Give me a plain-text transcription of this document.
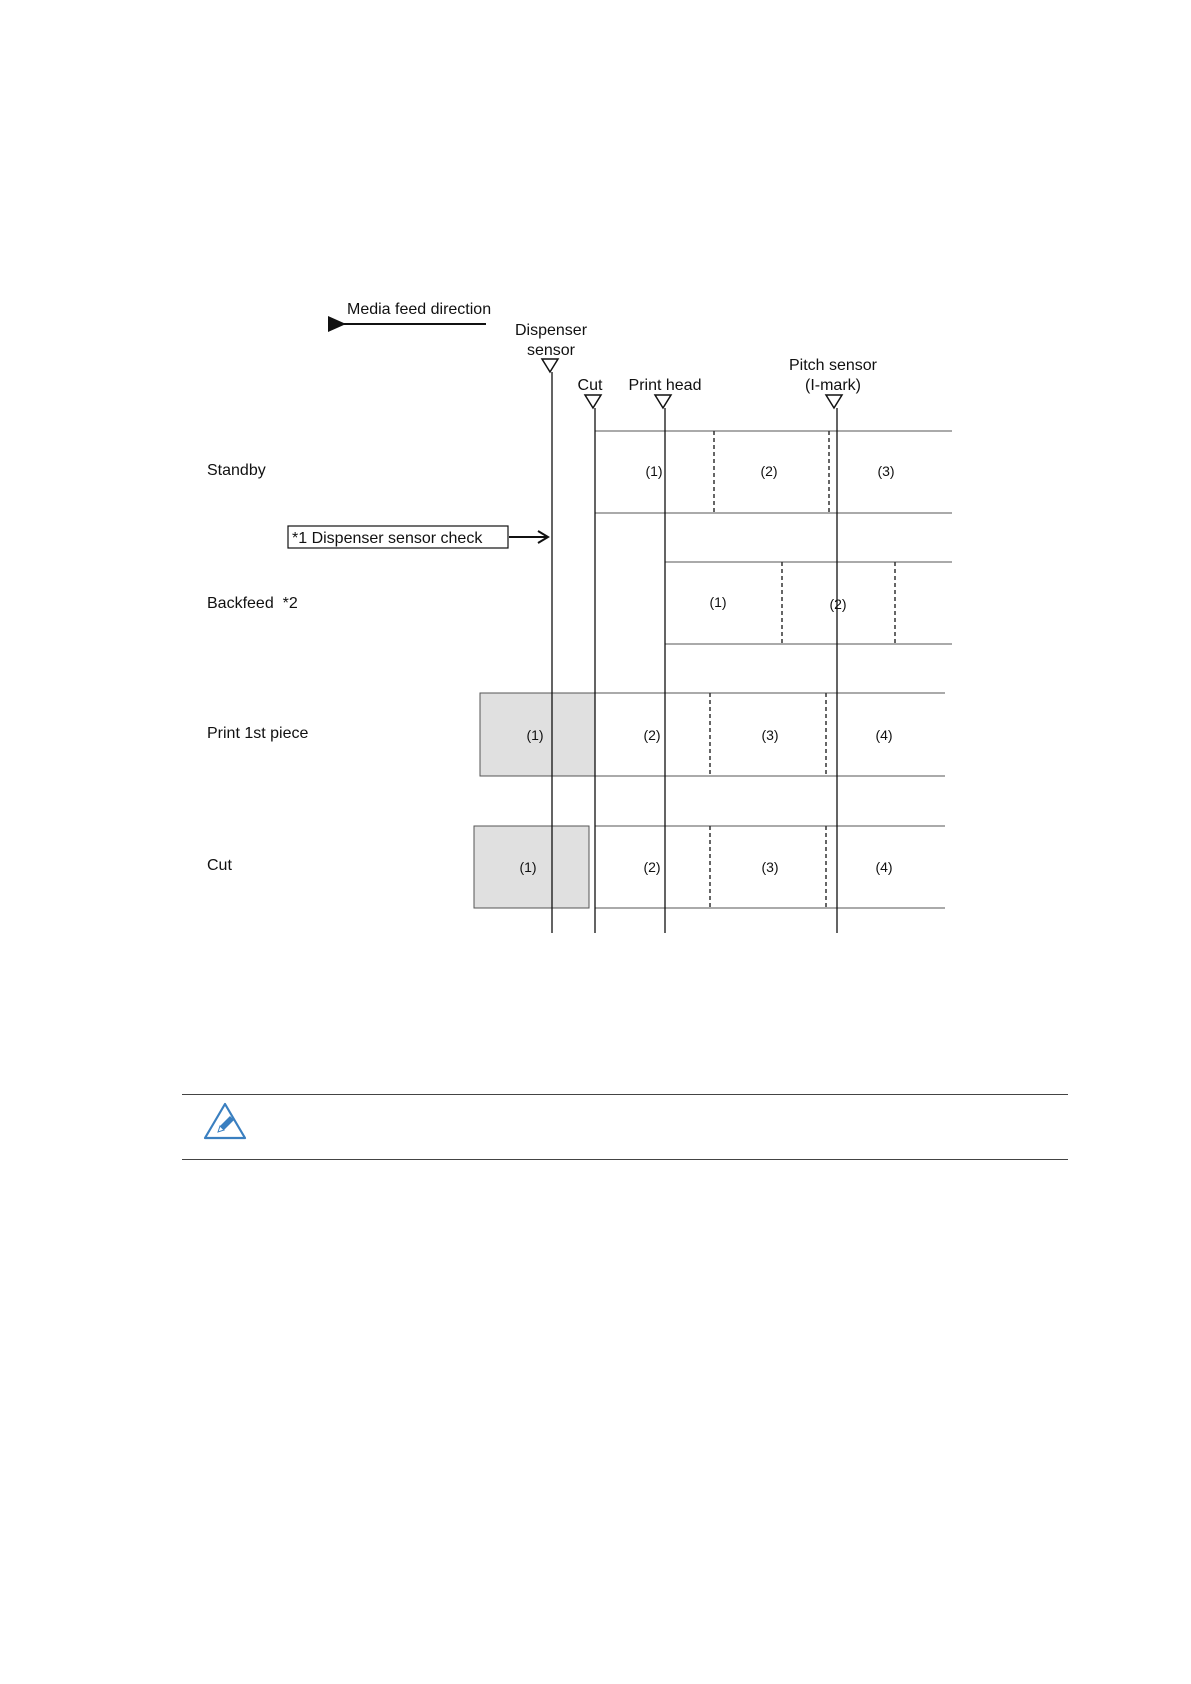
Media feed direction
Dispenser
sensor
Cut Print head
Pitch sensor
(I-mark)
Standby
Backfeed  *2
Print 1st piece
Cut
*1 Dispenser sensor check
(1)	(2)	(3)
(1)	(2)
(1)	(2)	(3)	(4)
(1)	(2)	(3)	(4)
